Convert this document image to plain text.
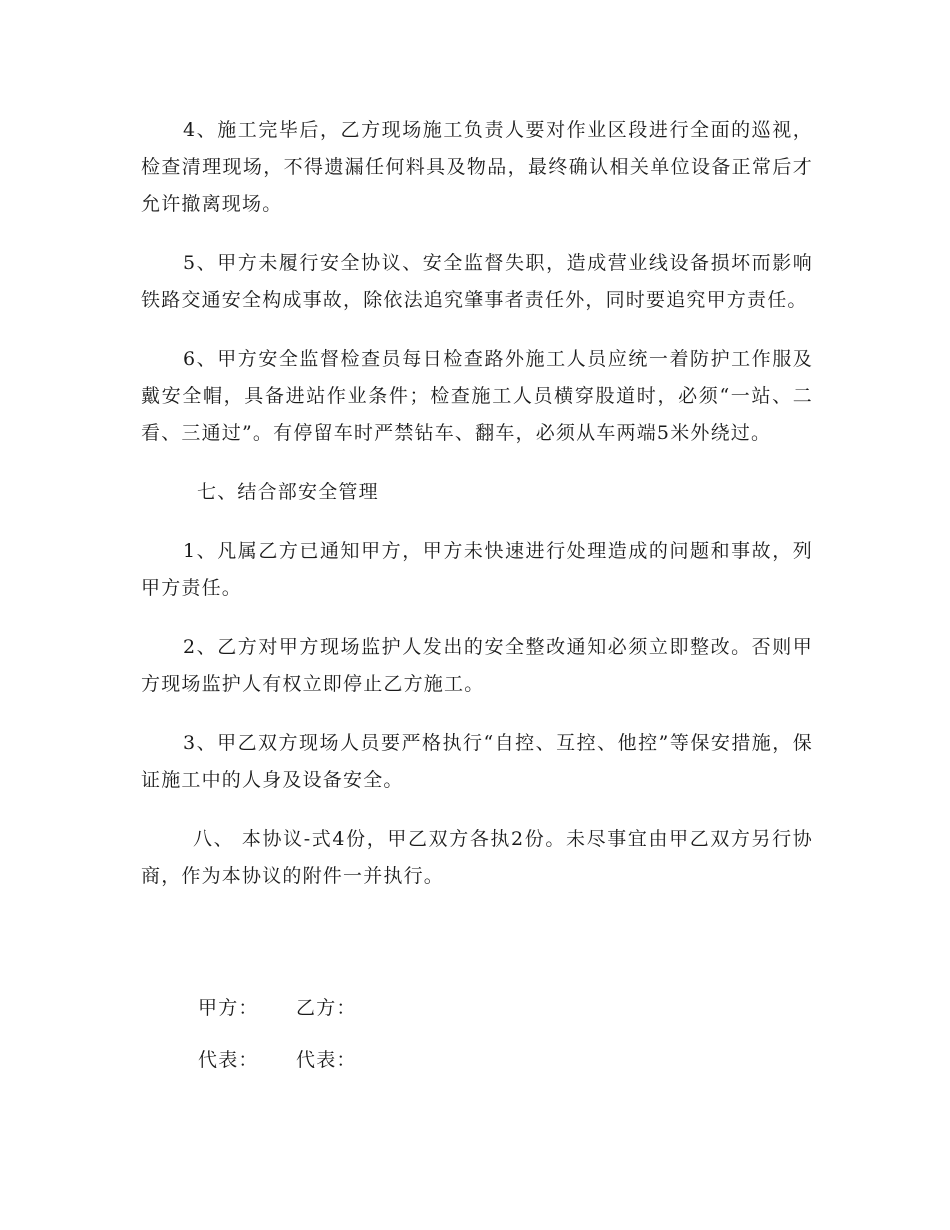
4、施工完毕后，乙方现场施工负责人要对作业区段进行全面的巡视，检查清理现场，不得遗漏任何料具及物品，最终确认相关单位设备正常后才允许撤离现场。

5、甲方未履行安全协议、安全监督失职，造成营业线设备损坏而影响铁路交通安全构成事故，除依法追究肇事者责任外，同时要追究甲方责任。

6、甲方安全监督检查员每日检查路外施工人员应统一着防护工作服及戴安全帽，具备进站作业条件；检查施工人员横穿股道时，必须“一站、二看、三通过”。有停留车时严禁钻车、翻车，必须从车两端5米外绕过。

七、结合部安全管理

1、凡属乙方已通知甲方，甲方未快速进行处理造成的问题和事故，列甲方责任。

2、乙方对甲方现场监护人发出的安全整改通知必须立即整改。否则甲方现场监护人有权立即停止乙方施工。

3、甲乙双方现场人员要严格执行“自控、互控、他控”等保安措施，保证施工中的人身及设备安全。

八、 本协议-式4份，甲乙双方各执2份。未尽事宜由甲乙双方另行协商，作为本协议的附件一并执行。

甲方：	乙方：
代表：	代表：
